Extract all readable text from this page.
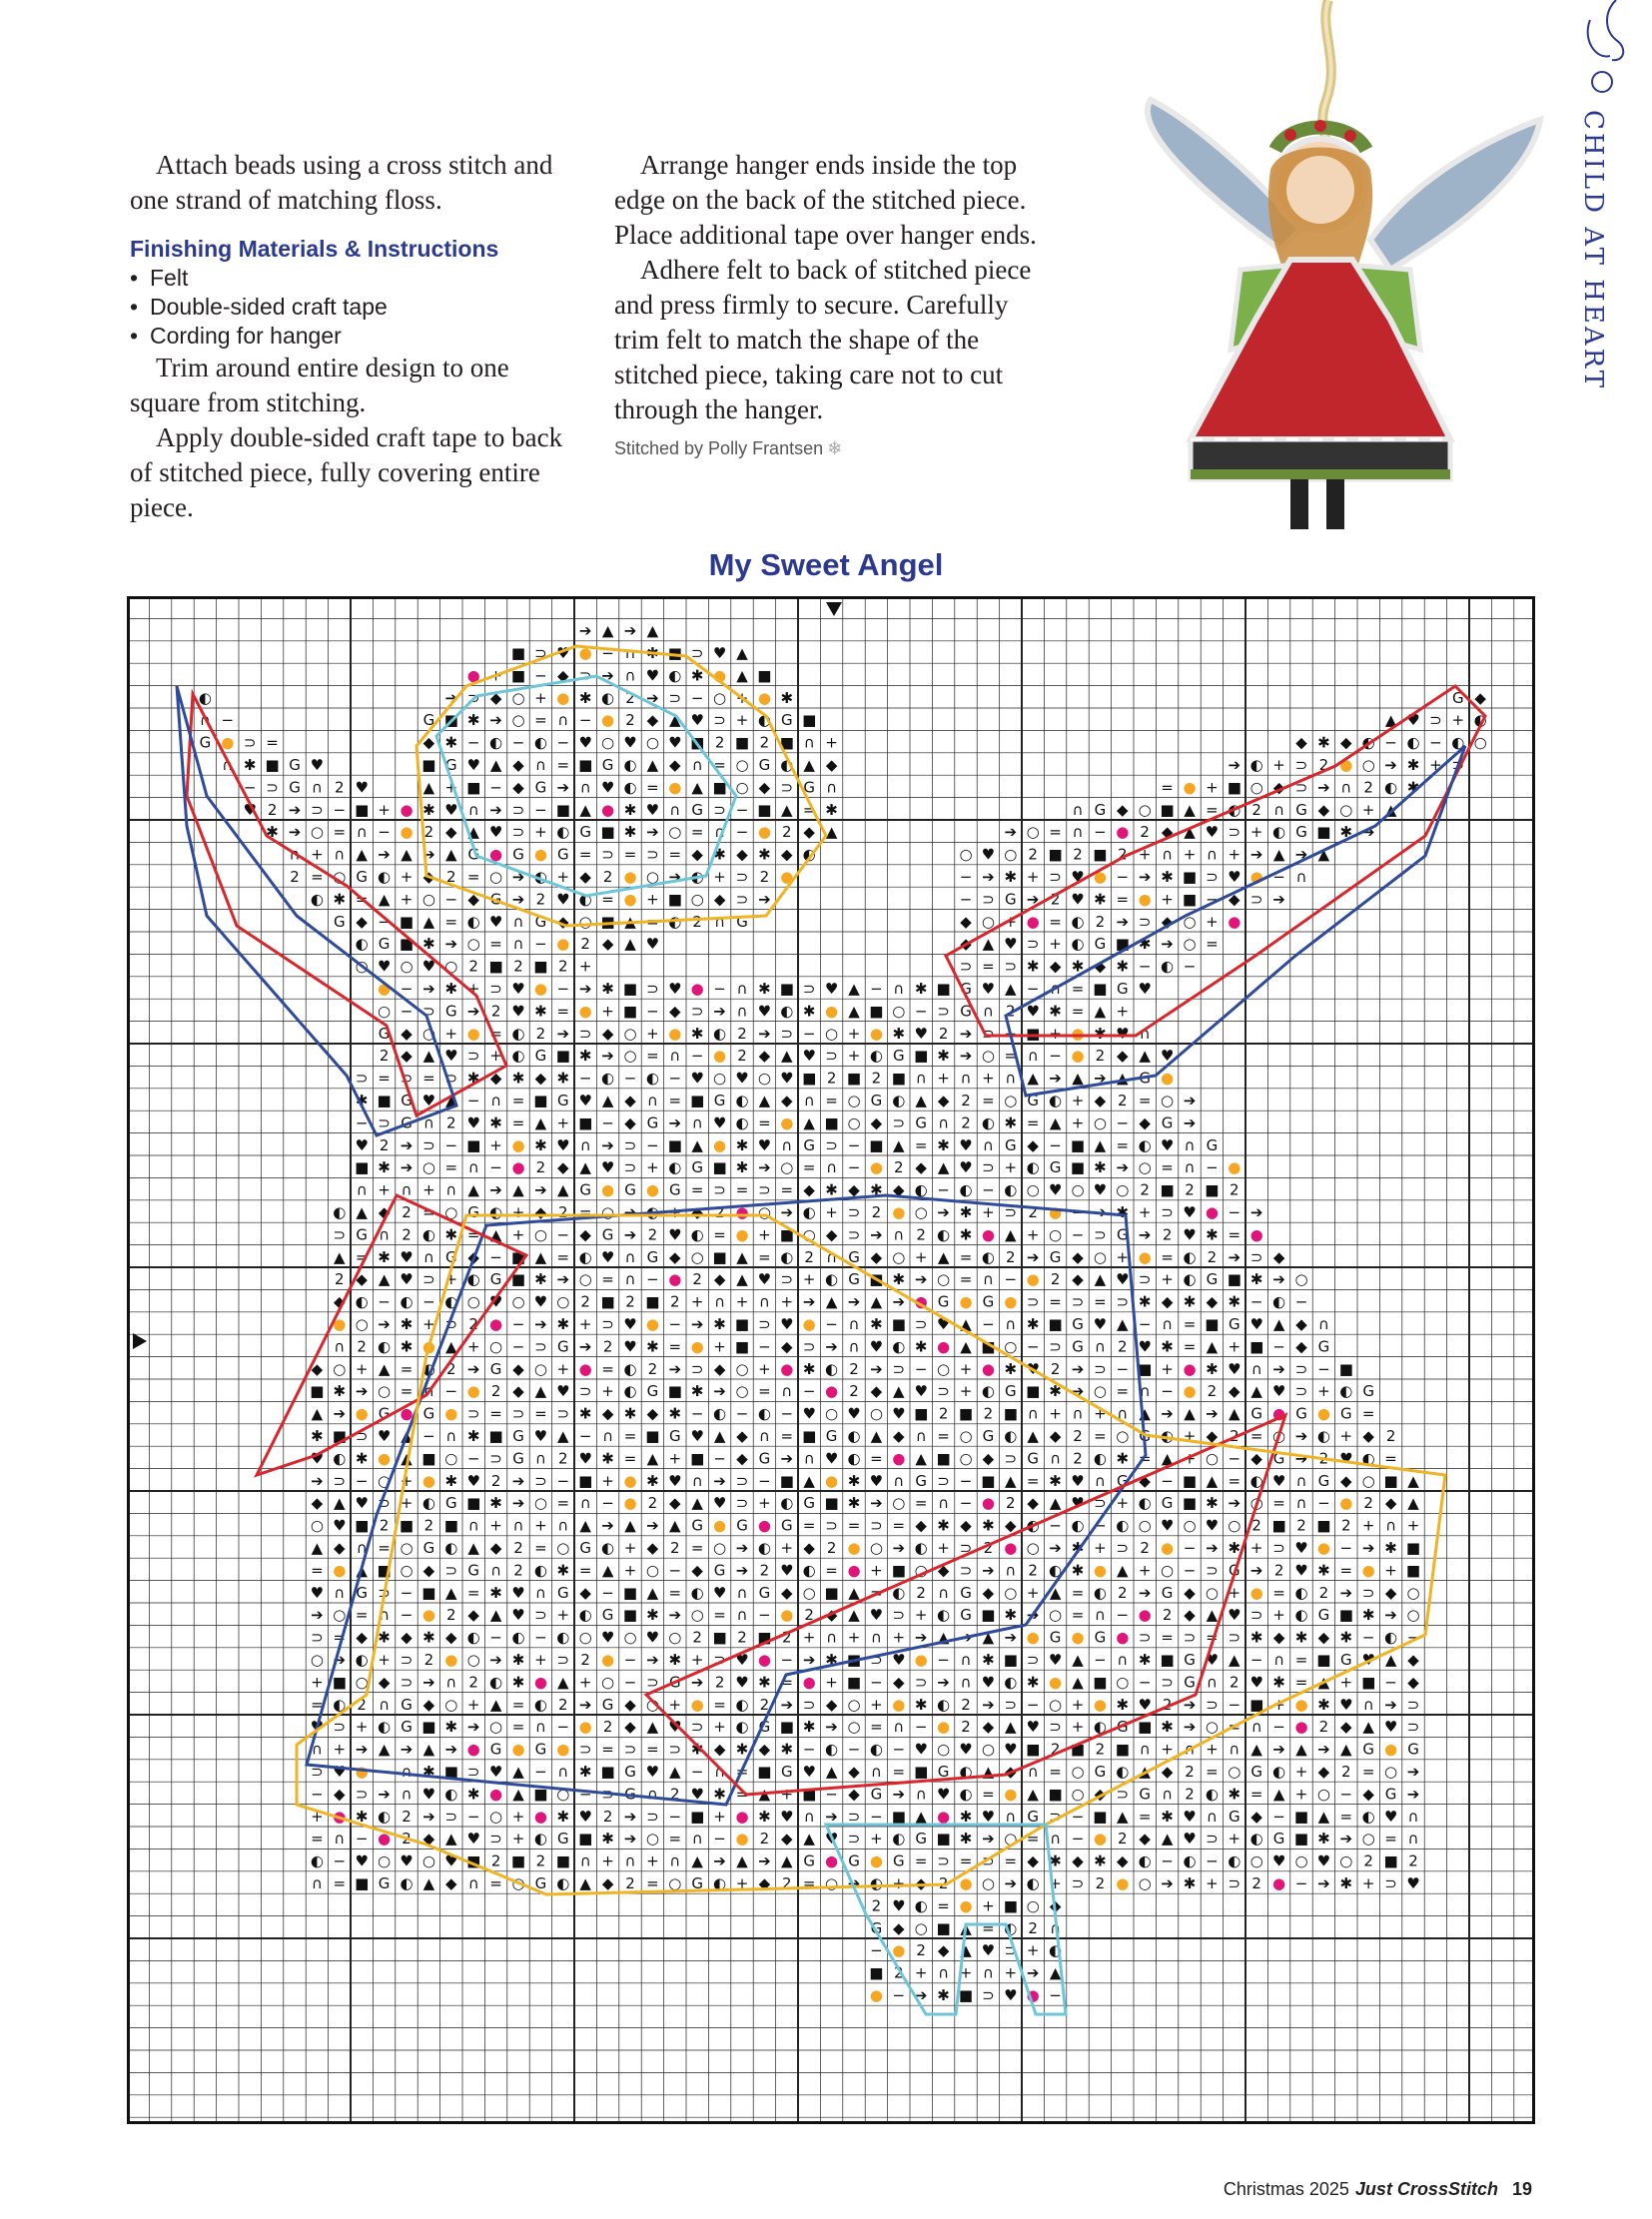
CHILD AT HEART

Attach beads using a cross stitch and one strand of matching floss.

Finishing Materials & Instructions
• Felt
• Double-sided craft tape
• Cording for hanger

Trim around entire design to one square from stitching.

Apply double-sided craft tape to back of stitched piece, fully covering entire piece.

Arrange hanger ends inside the top edge on the back of the stitched piece. Place additional tape over hanger ends.

Adhere felt to back of stitched piece and press firmly to secure. Carefully trim felt to match the shape of the stitched piece, taking care not to cut through the hanger.

Stitched by Polly Frantsen ❄
My Sweet Angel
◐
∩
G
−
●
∩
⊃
✱
−
♥
=
■
⊃
2
✱
G
G
➔
➔
∩
2
♥
∩
⊃
○
+
=
◐
◆
■
▲
✱
♥
➔
◆
○
▲
=
♥
➔
⊃
○
+
=
♥
∩
⊃
−
+
=
◐
∩
2
−
=
∩
○
✱
G
◐
⊃
▲
2
◆
●
∩
○
✱
➔
■
◐
⊃
▲
♥
◆
●
∩
○
=
➔
■
◐
⊃
+
♥
◆
●
∩
−
=
♥
■
∩
▲
G
=
◆
◐
○
⊃
✱
−
♥
■
∩
▲
G
=
◆
◐
○
2
+
➔
●
⊃
✱
−
♥
■
∩
▲
G
=
◆
◐
○
2
+
➔
●
⊃
✱
−
♥
■
+
−
➔
◐
▲
−
G
♥
●
○
G
2
=
■
⊃
2
✱
+
◆
∩
✱
▲
−
➔
◐
▲
○
G
♥
●
○
⊃
2
=
■
⊃
∩
✱
+
◆
∩
◐
▲
−
➔
◐
●
○
G
●
●
▲
+
+
■
■
○
−
−
◆
◆
⊃
G
G
➔
➔
∩
2
2
♥
♥
◐
✱
✱
=
=
●
▲
▲
+
+
■
○
○
−
−
◆
⊃
⊃
G
G
➔
∩
∩
2
2
♥
◐
G
◆
■
▲
✱
2
➔
◆
○
▲
✱
♥
➔
⊃
○
▲
=
♥
∩
⊃
○
+
=
◐
∩
⊃
−
+
●
◐
∩
G
−
■
●
◐
2
G
◆
■
●
✱
2
➔
◆
■
▲
✱
♥
➔
◆
○
▲
➔
■
✱
G
+
♥
◆
▲
2
−
=
➔
○
✱
G
+
♥
⊃
▲
2
−
=
∩
○
✱
G
+
◐
⊃
▲
2
−
●
∩
○
✱
G
■
◐
⊃
▲
2
◆
●
∩
○
✱
➔
■
◐
⊃
▲
♥
◆
●
⊃
✱
−
♥
■
∩
▲
G
=
◆
◐
○
2
+
➔
●
⊃
✱
−
♥
■
∩
▲
G
=
◆
◐
○
2
+
➔
●
⊃
✱
−
♥
■
∩
▲
G
=
◆
◐
○
2
+
➔
●
⊃
✱
−
♥
■
∩
+
◆
➔
◐
▲
−
➔
♥
●
○
G
♥
=
■
⊃
2
=
+
◆
∩
✱
+
−
➔
◐
▲
−
G
♥
●
○
G
2
=
■
⊃
2
✱
+
◆
∩
✱
▲
−
➔
◐
▲
○
G
♥
●
○
⊃
2
=
■
■
○
○
−
◆
◆
⊃
⊃
G
➔
➔
∩
∩
2
♥
♥
◐
◐
✱
=
=
●
●
▲
+
+
■
■
○
−
−
◆
◆
⊃
G
G
➔
➔
∩
2
2
♥
♥
◐
✱
✱
=
=
●
▲
▲
+
+
■
○
⊃
−
+
=
◐
∩
G
−
+
●
◐
2
G
−
■
●
✱
2
G
◆
■
▲
✱
2
➔
◆
○
▲
✱
♥
➔
⊃
○
▲
=
♥
∩
⊃
○
+
=
◐
∩
⊃
−
+
●
◐
∩
G
−
■
●
◐
2
G
♥
◆
●
∩
−
=
➔
■
◐
G
+
♥
◆
●
2
−
=
➔
■
✱
G
+
♥
◆
▲
2
−
=
➔
○
✱
G
+
♥
⊃
▲
2
−
=
∩
○
✱
G
+
◐
⊃
▲
2
−
●
∩
○
✱
G
■
◐
➔
●
⊃
✱
−
♥
■
∩
▲
G
=
◆
◐
○
2
+
➔
●
⊃
✱
−
♥
■
∩
▲
G
=
◆
◐
○
2
+
➔
●
⊃
✱
−
♥
■
∩
▲
G
=
◆
◐
○
2
+
➔
●
⊃
✱
−
♥
■
∩
▲
▲
−
➔
◐
●
○
G
♥
●
■
⊃
2
=
■
◆
✱
+
◆
➔
◐
▲
−
➔
♥
●
○
G
♥
=
■
⊃
2
=
+
◆
∩
✱
+
−
➔
◐
▲
−
G
♥
●
○
G
2
=
■
⊃
2
✱
+
◆
➔
∩
∩
2
2
♥
◐
◐
✱
✱
=
●
●
▲
▲
■
■
○
○
−
◆
◆
⊃
⊃
G
➔
➔
∩
∩
2
♥
♥
◐
◐
✱
=
=
●
●
▲
+
+
■
■
○
−
−
◆
◆
⊃
G
G
➔
➔
∩
2
▲
✱
♥
➔
◆
○
▲
=
♥
➔
⊃
○
+
=
♥
⊃
−
+
=
◐
∩
G
−
+
●
◐
2
G
−
■
●
✱
2
G
◆
■
▲
✱
2
➔
◆
○
▲
✱
♥
➔
⊃
○
▲
=
♥
∩
⊃
○
+
=
■
◐
⊃
▲
♥
◆
●
∩
○
=
➔
■
◐
♥
◆
●
∩
−
=
➔
■
◐
G
+
♥
◆
●
2
−
=
➔
■
✱
G
+
♥
◆
▲
2
−
=
➔
○
✱
G
+
♥
⊃
▲
2
−
=
∩
○
⊃
✱
−
♥
■
∩
▲
G
=
◆
◐
○
2
●
⊃
✱
−
♥
■
∩
▲
G
=
◆
◐
○
2
+
➔
●
⊃
✱
−
♥
■
∩
▲
G
=
◆
◐
○
2
+
➔
●
⊃
✱
−
♥
■
∩
▲
G
♥
●
○
⊃
2
=
■
⊃
∩
✱
+
◆
∩
−
➔
◐
●
○
G
♥
●
■
⊃
2
=
■
◆
∩
✱
+
◆
➔
◐
▲
−
➔
♥
●
○
G
♥
=
■
⊃
2
=
+
◆
∩
✱
+
−
➔
◐
▲
▲
+
+
■
○
○
−
−
◆
⊃
⊃
G
∩
∩
2
2
♥
◐
◐
✱
✱
=
●
●
▲
▲
+
■
■
○
○
−
◆
◆
⊃
⊃
G
➔
➔
∩
∩
2
♥
♥
◐
◐
✱
=
=
●
●
▲
+
■
●
◐
2
G
◆
■
●
✱
2
➔
✱
♥
➔
◆
○
▲
=
♥
➔
⊃
○
+
=
♥
∩
⊃
−
+
=
◐
∩
G
−
+
●
◐
2
G
−
■
●
✱
2
G
◆
■
▲
✱
2
➔
◆
✱
G
■
◐
⊃
▲
2
◆
●
■
◐
⊃
▲
♥
◆
●
∩
○
=
➔
■
◐
⊃
+
♥
◆
●
∩
−
=
➔
■
◐
G
+
♥
◆
●
2
−
=
➔
■
✱
G
+
♥
◆
▲
2
■
∩
▲
G
=
◆
◐
⊃
✱
−
♥
■
∩
▲
G
=
◆
◐
○
2
+
➔
●
⊃
✱
−
♥
■
∩
▲
G
=
◆
◐
○
2
+
➔
●
⊃
✱
−
♥
■
∩
▲
G
=
+
◆
∩
✱
▲
♥
●
○
⊃
2
=
■
⊃
∩
✱
+
◆
∩
◐
▲
−
➔
◐
●
○
G
♥
●
■
⊃
2
=
■
◆
∩
✱
+
◆
➔
◐
▲
−
➔
♥
●
○
▲
▲
+
+
■
○
○
−
−
◆
⊃
⊃
G
G
➔
∩
∩
2
2
♥
◐
◐
✱
✱
=
●
●
▲
▲
+
■
■
○
○
−
◆
◆
⊃
⊃
G
➔
−
■
●
◐
2
G
◆
■
●
✱
2
➔
◆
■
▲
✱
♥
➔
◆
○
▲
=
♥
➔
⊃
○
+
=
♥
∩
⊃
−
+
=
◐
∩
G
−
+
●
◐
2
G
−
■
●
∩
○
✱
G
■
◐
⊃
▲
2
◆
●
∩
○
✱
➔
■
◐
⊃
▲
♥
◆
●
∩
○
=
➔
■
◐
⊃
+
♥
◆
●
∩
−
=
➔
■
◐
G
+
♥
◆
●
2
−
✱
−
♥
■
∩
▲
G
=
◆
◐
○
2
+
➔
●
⊃
✱
−
♥
■
∩
▲
G
=
◆
◐
○
2
+
➔
●
⊃
✱
−
♥
■
∩
▲
G
=
◆
◐
○
2
+
➔
■
⊃
2
✱
+
◆
∩
✱
▲
−
➔
◐
▲
○
G
♥
●
○
⊃
2
=
■
⊃
∩
✱
+
◆
∩
◐
▲
−
➔
◐
●
○
G
♥
●
■
⊃
2
=
■
◆
∩
✱
○
−
−
◆
◆
⊃
G
G
➔
➔
∩
2
2
♥
♥
◐
✱
✱
=
=
●
▲
▲
+
+
■
○
○
−
−
◆
⊃
⊃
G
G
➔
∩
∩
2
2
♥
◐
◐
✱
✱
=
●
●
▲
▲
+
■
♥
➔
⊃
○
▲
=
♥
∩
⊃
○
+
=
◐
∩
⊃
−
+
●
◐
∩
G
−
■
●
◐
2
G
◆
■
●
✱
2
➔
◆
■
▲
✱
♥
➔
◆
○
▲
=
♥
➔
⊃
○
+
=
♥
∩
⊃
➔
○
✱
G
+
♥
⊃
▲
2
−
=
∩
○
✱
G
+
◐
⊃
▲
2
−
●
∩
○
✱
G
■
◐
⊃
▲
2
◆
●
∩
○
✱
➔
■
◐
⊃
▲
♥
◆
●
∩
○
=
➔
■
◐
⊃
+
♥
○
2
+
➔
●
⊃
✱
−
♥
■
∩
▲
G
=
◆
◐
○
2
+
➔
●
⊃
✱
−
♥
■
∩
▲
G
=
◆
◐
○
2
+
➔
●
⊃
✱
−
♥
■
∩
▲
G
=
◆
◐
○
2
+
➔
●
=
■
⊃
2
=
+
◆
∩
✱
+
−
➔
◐
▲
−
G
♥
●
○
G
2
=
■
⊃
2
✱
+
◆
∩
✱
▲
−
➔
◐
▲
○
G
♥
●
○
⊃
2
=
■
⊃
∩
✱
+
◆
∩
◐
▲
−
∩
∩
2
♥
♥
◐
◐
✱
=
=
●
●
▲
+
+
■
■
○
−
−
◆
◆
⊃
G
G
➔
➔
∩
2
2
♥
♥
◐
✱
✱
=
=
●
▲
▲
+
+
■
○
○
−
−
◆
⊃
G
−
■
●
✱
2
G
◆
■
▲
✱
2
➔
◆
○
▲
✱
♥
➔
⊃
○
▲
=
♥
∩
⊃
○
+
=
◐
∩
⊃
−
+
●
◐
∩
G
−
■
●
◐
2
G
◆
■
●
✱
2
◆
●
2
−
=
➔
■
✱
G
+
♥
◆
▲
2
−
=
➔
○
✱
G
+
♥
⊃
▲
2
−
=
∩
○
✱
G
+
◐
⊃
▲
2
−
●
∩
○
✱
G
■
◐
⊃
▲
2
◆
●
○
2
+
➔
●
⊃
✱
−
♥
∩
▲
G
=
◆
◐
○
2
+
➔
●
⊃
✱
−
♥
■
∩
▲
G
=
◆
◐
○
2
+
➔
●
⊃
✱
−
♥
■
∩
▲
G
=
◆
◐
○
=
■
◆
∩
✱
+
◆
➔
◐
♥
●
○
G
♥
=
■
⊃
2
=
+
◆
∩
✱
+
−
➔
◐
▲
−
G
♥
●
○
G
2
=
■
⊃
2
✱
+
◆
∩
✱
▲
−
➔
●
▲
▲
+
■
■
○
○
−
➔
➔
∩
∩
2
♥
♥
◐
◐
✱
=
=
●
●
▲
+
+
■
■
○
−
−
◆
◆
⊃
G
G
➔
➔
∩
2
2
♥
♥
◐
✱
+
=
♥
∩
⊃
−
+
=
G
−
■
●
✱
2
G
◆
■
▲
✱
2
➔
◆
○
▲
✱
♥
➔
⊃
○
▲
=
♥
∩
⊃
○
+
=
◐
∩
⊃
−
+
➔
■
◐
⊃
+
♥
◆
●
●
2
−
=
➔
■
✱
G
+
♥
◆
▲
2
−
=
➔
○
✱
G
+
♥
⊃
▲
2
−
=
∩
○
✱
G
+
◐
⊃
◐
○
2
+
➔
●
⊃
➔
●
⊃
✱
−
♥
■
∩
▲
G
=
◆
◐
○
2
+
➔
●
⊃
✱
−
♥
■
∩
▲
G
=
◆
◐
○
2
+
◆
∩
◐
▲
−
➔
◆
➔
◐
▲
−
➔
♥
●
○
G
♥
=
■
⊃
2
=
+
◆
∩
✱
+
−
➔
◐
▲
−
G
♥
●
◆
⊃
⊃
G
G
➔
∩
○
−
◆
◆
⊃
⊃
G
➔
➔
∩
∩
2
♥
♥
◐
◐
✱
=
=
●
●
▲
+
+
■
■
○
−
✱
2
➔
◆
■
▲
∩
G
−
+
●
◐
2
G
−
■
●
✱
2
G
◆
■
▲
✱
2
➔
◆
○
▲
✱
♥
➔
◆
●
∩
○
✱
■
◐
G
+
♥
◆
●
2
−
=
➔
■
✱
G
+
♥
◆
▲
2
−
=
➔
○
✱
◐
○
2
+
➔
G
=
◆
◐
○
2
+
➔
●
⊃
✱
−
♥
■
∩
▲
G
=
◆
◐
○
2
+
▲
−
➔
◐
▲
2
=
■
◆
∩
✱
+
◆
➔
◐
▲
−
➔
♥
●
○
G
♥
=
■
⊃
♥
◐
✱
✱
▲
▲
+
■
■
○
○
−
◆
◆
⊃
⊃
G
➔
➔
∩
∩
2
♥
⊃
−
+
G
+
◐
⊃
◆
◐
○
Christmas 2025 Just CrossStitch 19
